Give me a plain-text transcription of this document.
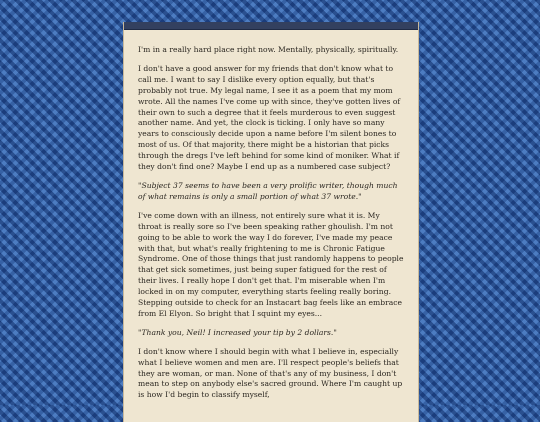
I'm in a really hard place right now. Mentally, physically, spiritually.

I don't have a good answer for my friends that don't know what to call me. I want to say I dislike every option equally, but that's probably not true. My legal name, I see it as a poem that my mom wrote. All the names I've come up with since, they've gotten lives of their own to such a degree that it feels murderous to even suggest another name. And yet, the clock is ticking. I only have so many years to consciously decide upon a name before I'm silent bones to most of us. Of that majority, there might be a historian that picks through the dregs I've left behind for some kind of moniker. What if they don't find one? Maybe I end up as a numbered case subject?

"Subject 37 seems to have been a very prolific writer, though much of what remains is only a small portion of what 37 wrote."

I've come down with an illness, not entirely sure what it is. My throat is really sore so I've been speaking rather ghoulish. I'm not going to be able to work the way I do forever, I've made my peace with that, but what's really frightening to me is Chronic Fatigue Syndrome. One of those things that just randomly happens to people that get sick sometimes, just being super fatigued for the rest of their lives. I really hope I don't get that. I'm miserable when I'm locked in on my computer, everything starts feeling really boring. Stepping outside to check for an Instacart bag feels like an embrace from El Elyon. So bright that I squint my eyes...

"Thank you, Neil! I increased your tip by 2 dollars."

I don't know where I should begin with what I believe in, especially what I believe women and men are. I'll respect people's beliefs that they are woman, or man. None of that's any of my business, I don't mean to step on anybody else's sacred ground. Where I'm caught up is how I'd begin to classify myself,
